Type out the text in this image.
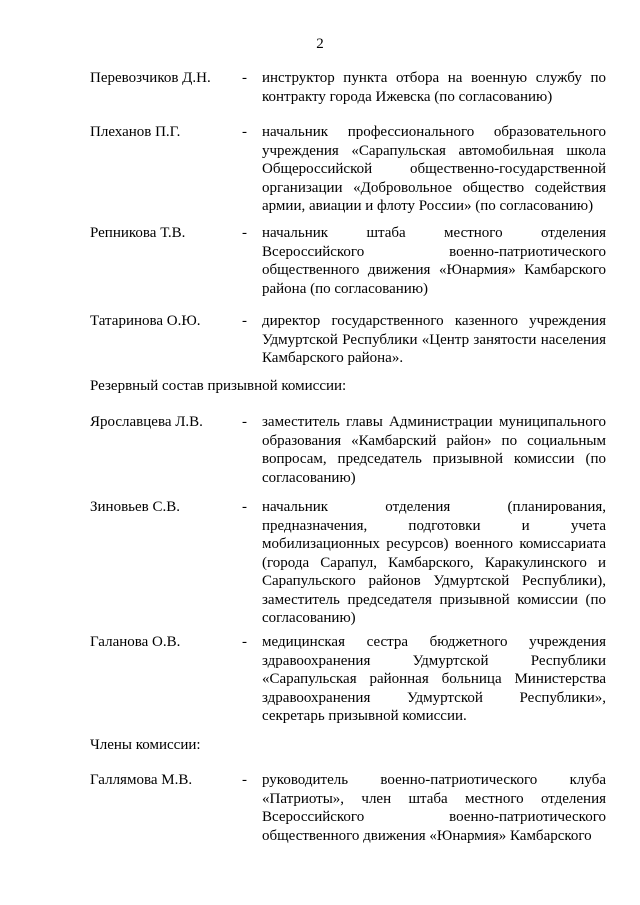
2
Перевозчиков Д.Н. - инструктор пункта отбора на военную службу по контракту города Ижевска (по согласованию)
Плеханов П.Г.	- начальник профессионального образовательного учреждения «Сарапульская автомобильная школа Общероссийской общественно-государственной организации «Добровольное общество содействия армии, авиации и флоту России» (по согласованию)
Репникова Т.В.	- начальник штаба местного отделения Всероссийского военно-патриотического общественного движения «Юнармия» Камбарского района (по согласованию)
Татаринова О.Ю.	- директор государственного казенного учреждения Удмуртской Республики «Центр занятости населения Камбарского района».
Резервный состав призывной комиссии:
Ярославцева Л.В.	- заместитель главы Администрации муниципального образования «Камбарский район» по социальным вопросам, председатель призывной комиссии (по согласованию)
Зиновьев С.В.	- начальник отделения (планирования, предназначения, подготовки и учета мобилизационных ресурсов) военного комиссариата (города Сарапул, Камбарского, Каракулинского и Сарапульского районов Удмуртской Республики), заместитель председателя призывной комиссии (по согласованию)
Галанова О.В.	- медицинская сестра бюджетного учреждения здравоохранения Удмуртской Республики «Сарапульская районная больница Министерства здравоохранения Удмуртской Республики», секретарь призывной комиссии.
Члены комиссии:
Галлямова М.В.	- руководитель военно-патриотического клуба «Патриоты», член штаба местного отделения Всероссийского военно-патриотического общественного движения «Юнармия» Камбарского
